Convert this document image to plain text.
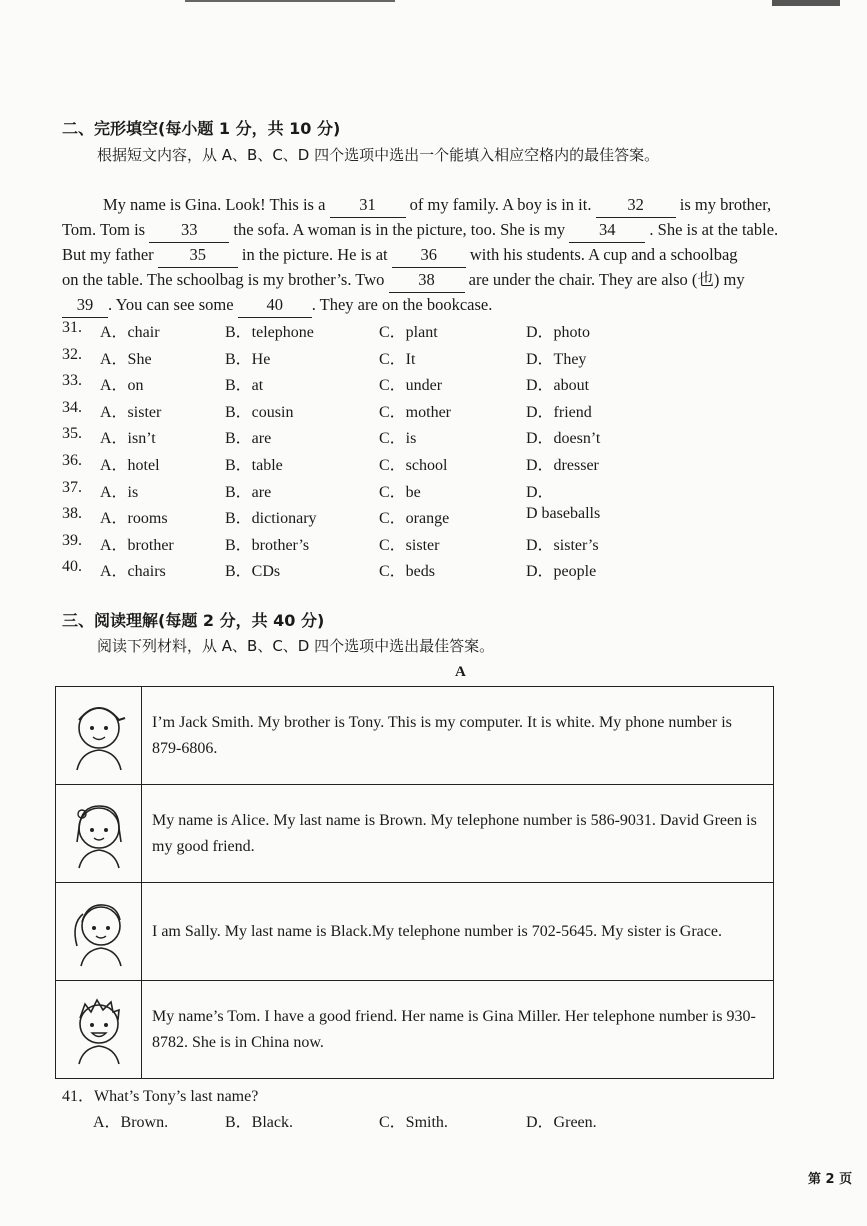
二、完形填空(每小题 1 分，共 10 分)
根据短文内容，从 A、B、C、D 四个选项中选出一个能填入相应空格内的最佳答案。
My name is Gina. Look! This is a 31 of my family. A boy is in it. 32 is my brother,
Tom. Tom is 33 the sofa. A woman is in the picture, too. She is my 34 . She is at the table.
But my father 35 in the picture. He is at 36 with his students. A cup and a schoolbag
on the table. The schoolbag is my brother’s. Two 38 are under the chair. They are also (也) my
39 . You can see some 40 . They are on the bookcase.
31. A．chair	B．telephone	C．plant	D．photo
32. A．She	B．He	C．It	D．They
33. A．on	B．at	C．under	D．about
34. A．sister	B．cousin	C．mother	D．friend
35. A．isn’t	B．are	C．is	D．doesn’t
36. A．hotel	B．table	C．school	D．dresser
37. A．is	B．are	C．be	D．
38. A．rooms	B．dictionary	C．orange	D baseballs
39. A．brother	B．brother’s	C．sister	D．sister’s
40. A．chairs	B．CDs	C．beds	D．people
三、阅读理解(每题 2 分，共 40 分)
阅读下列材料，从 A、B、C、D 四个选项中选出最佳答案。
A
	I’m Jack Smith. My brother is Tony. This is my computer. It is white. My phone number is 879-6806.
	My name is Alice. My last name is Brown. My telephone number is 586-9031. David Green is my good friend.
	I am Sally. My last name is Black.My telephone number is 702-5645. My sister is Grace.
	My name’s Tom. I have a good friend. Her name is Gina Miller. Her telephone number is 930-8782. She is in China now.
41．What’s Tony’s last name?
A．Brown.	B．Black.	C．Smith.	D．Green.
第 2 页
